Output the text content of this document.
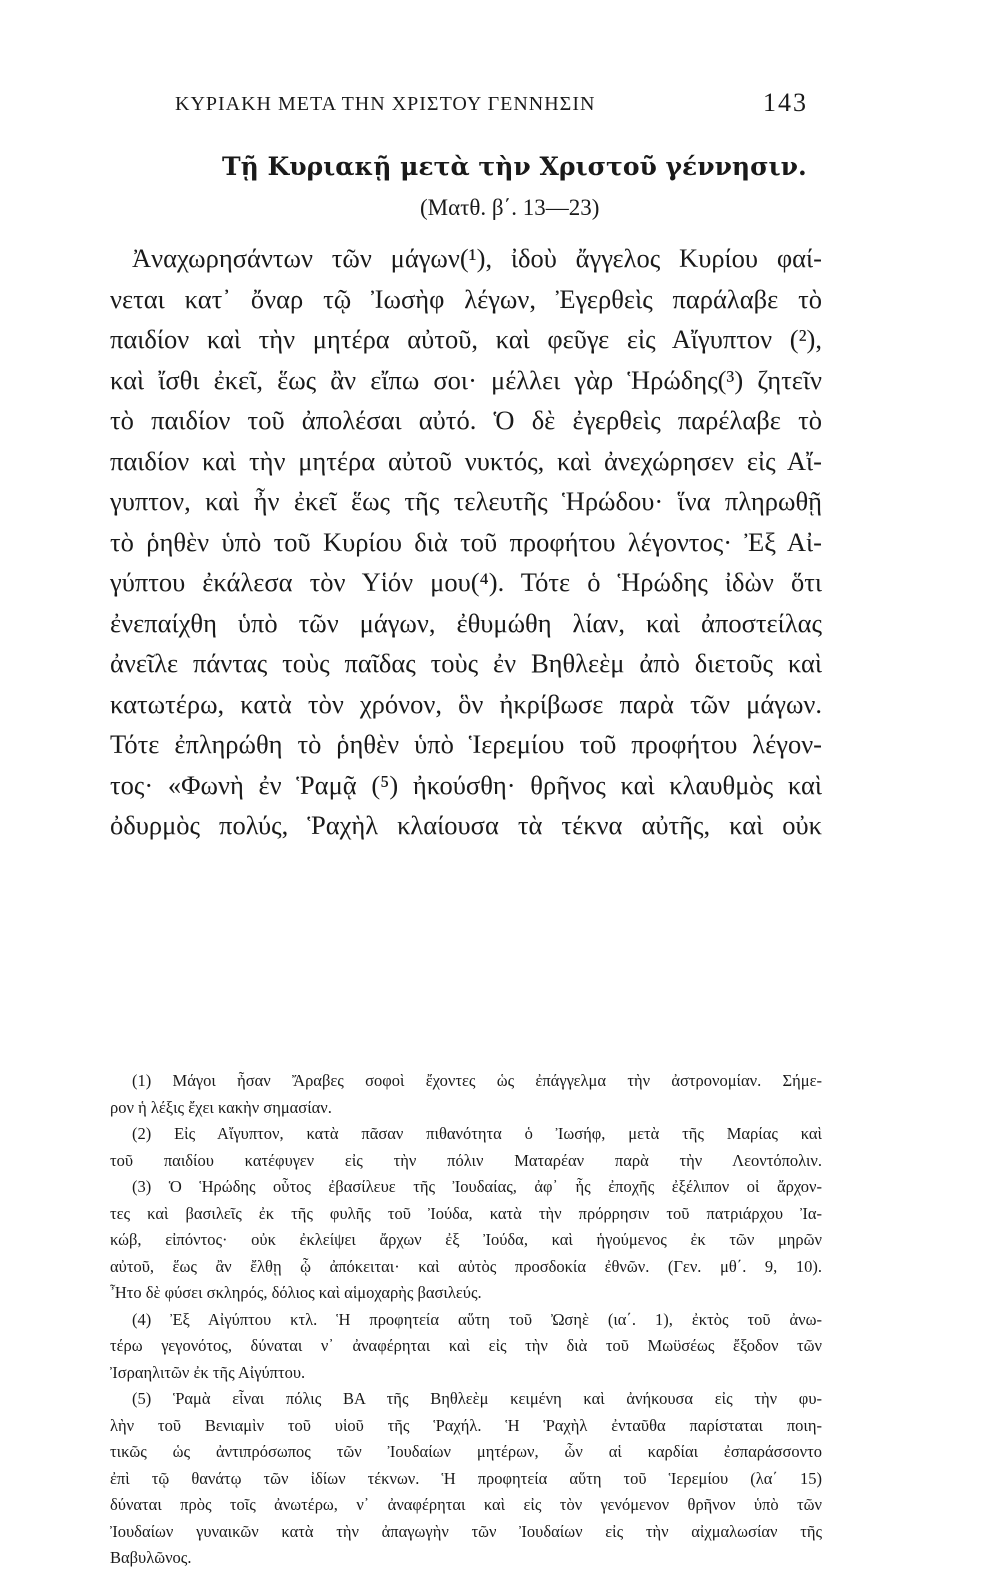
ΚΥΡΙΑΚΗ ΜΕΤΑ ΤΗΝ ΧΡΙΣΤΟΥ ΓΕΝΝΗΣΙΝ	143
Τῇ Κυριακῇ μετὰ τὴν Χριστοῦ γέννησιν.
(Ματθ. β΄. 13—23)
Ἀναχωρησάντων τῶν μάγων(¹), ἰδοὺ ἄγγελος Κυρίου φαί-
νεται κατ᾿ ὄναρ τῷ Ἰωσὴφ λέγων, Ἐγερθεὶς παράλαβε τὸ
παιδίον καὶ τὴν μητέρα αὐτοῦ, καὶ φεῦγε εἰς Αἴγυπτον (²),
καὶ ἴσθι ἐκεῖ, ἕως ἂν εἴπω σοι· μέλλει γὰρ Ἡρώδης(³) ζητεῖν
τὸ παιδίον τοῦ ἀπολέσαι αὐτό. Ὁ δὲ ἐγερθεὶς παρέλαβε τὸ
παιδίον καὶ τὴν μητέρα αὐτοῦ νυκτός, καὶ ἀνεχώρησεν εἰς Αἴ-
γυπτον, καὶ ἦν ἐκεῖ ἕως τῆς τελευτῆς Ἡρώδου· ἵνα πληρωθῇ
τὸ ῥηθὲν ὑπὸ τοῦ Κυρίου διὰ τοῦ προφήτου λέγοντος· Ἐξ Αἰ-
γύπτου ἐκάλεσα τὸν Υἱόν μου(⁴). Τότε ὁ Ἡρώδης ἰδὼν ὅτι
ἐνεπαίχθη ὑπὸ τῶν μάγων, ἐθυμώθη λίαν, καὶ ἀποστείλας
ἀνεῖλε πάντας τοὺς παῖδας τοὺς ἐν Βηθλεὲμ ἀπὸ διετοῦς καὶ
κατωτέρω, κατὰ τὸν χρόνον, ὃν ἠκρίβωσε παρὰ τῶν μάγων.
Τότε ἐπληρώθη τὸ ῥηθὲν ὑπὸ Ἱερεμίου τοῦ προφήτου λέγον-
τος· «Φωνὴ ἐν Ῥαμᾷ (⁵) ἠκούσθη· θρῆνος καὶ κλαυθμὸς καὶ
ὀδυρμὸς πολύς, Ῥαχὴλ κλαίουσα τὰ τέκνα αὐτῆς, καὶ οὐκ
(1) Μάγοι ἦσαν Ἄραβες σοφοὶ ἔχοντες ὡς ἐπάγγελμα τὴν ἀστρονομίαν. Σήμε-
ρον ἡ λέξις ἔχει κακὴν σημασίαν.
(2) Εἰς Αἴγυπτον, κατὰ πᾶσαν πιθανότητα ὁ Ἰωσήφ, μετὰ τῆς Μαρίας καὶ
τοῦ παιδίου κατέφυγεν εἰς τὴν πόλιν Ματαρέαν παρὰ τὴν Λεοντόπολιν.
(3) Ὁ Ἡρώδης οὗτος ἐβασίλευε τῆς Ἰουδαίας, ἀφ᾿ ἧς ἐποχῆς ἐξέλιπον οἱ ἄρχον-
τες καὶ βασιλεῖς ἐκ τῆς φυλῆς τοῦ Ἰούδα, κατὰ τὴν πρόρρησιν τοῦ πατριάρχου Ἰα-
κώβ, εἰπόντος· οὐκ ἐκλείψει ἄρχων ἐξ Ἰούδα, καὶ ἡγούμενος ἐκ τῶν μηρῶν
αὐτοῦ, ἕως ἂν ἔλθῃ ᾧ ἀπόκειται· καὶ αὐτὸς προσδοκία ἐθνῶν. (Γεν. μθ΄. 9, 10).
Ἦτο δὲ φύσει σκληρός, δόλιος καὶ αἱμοχαρὴς βασιλεύς.
(4) Ἐξ Αἰγύπτου κτλ. Ἡ προφητεία αὕτη τοῦ Ὠσηὲ (ια΄. 1), ἐκτὸς τοῦ ἀνω-
τέρω γεγονότος, δύναται ν᾿ ἀναφέρηται καὶ εἰς τὴν διὰ τοῦ Μωϋσέως ἔξοδον τῶν
Ἰσραηλιτῶν ἐκ τῆς Αἰγύπτου.
(5) Ῥαμὰ εἶναι πόλις ΒΑ τῆς Βηθλεὲμ κειμένη καὶ ἀνήκουσα εἰς τὴν φυ-
λὴν τοῦ Βενιαμὶν τοῦ υἱοῦ τῆς Ῥαχήλ. Ἡ Ῥαχὴλ ἐνταῦθα παρίσταται ποιη-
τικῶς ὡς ἀντιπρόσωπος τῶν Ἰουδαίων μητέρων, ὧν αἱ καρδίαι ἐσπαράσσοντο
ἐπὶ τῷ θανάτῳ τῶν ἰδίων τέκνων. Ἡ προφητεία αὕτη τοῦ Ἱερεμίου (λα΄ 15)
δύναται πρὸς τοῖς ἀνωτέρω, ν᾿ ἀναφέρηται καὶ εἰς τὸν γενόμενον θρῆνον ὑπὸ τῶν
Ἰουδαίων γυναικῶν κατὰ τὴν ἀπαγωγὴν τῶν Ἰουδαίων εἰς τὴν αἰχμαλωσίαν τῆς
Βαβυλῶνος.
